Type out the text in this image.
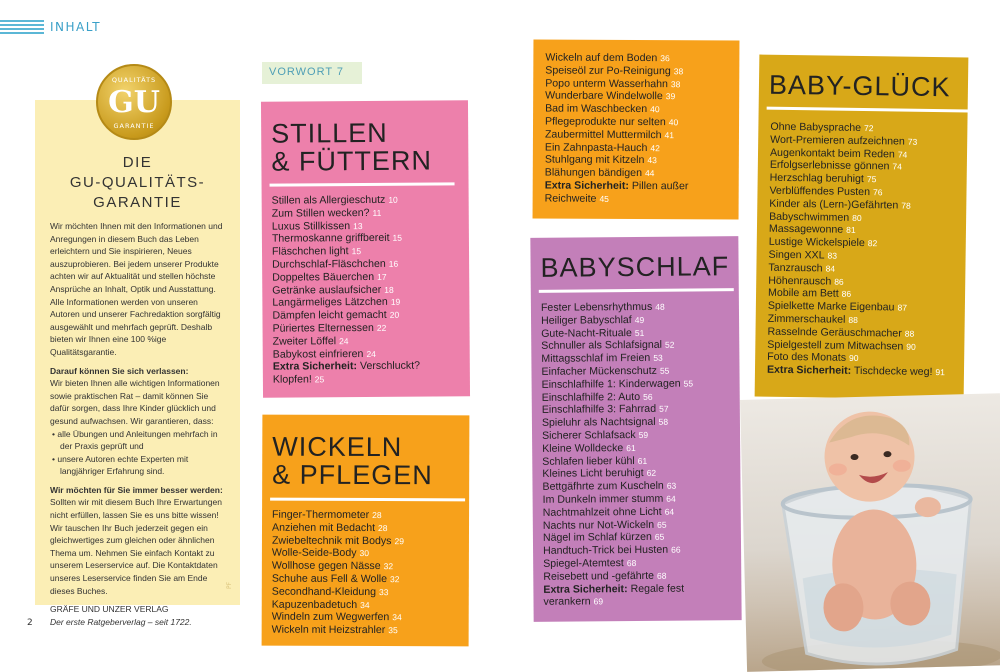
INHALT
QUALITÄTS
GU
GARANTIE
DIE
GU-QUALITÄTS-
GARANTIE

Wir möchten Ihnen mit den Informationen und Anregungen in diesem Buch das Leben erleichtern und Sie inspirieren, Neues auszuprobieren. Bei jedem unserer Produkte achten wir auf Aktualität und stellen höchste Ansprüche an Inhalt, Optik und Ausstattung. Alle Informationen werden von unseren Autoren und unserer Fachredaktion sorgfältig ausgewählt und mehrfach geprüft. Deshalb bieten wir Ihnen eine 100 %ige Qualitätsgarantie.

Darauf können Sie sich verlassen:
Wir bieten Ihnen alle wichtigen Informationen sowie praktischen Rat – damit können Sie dafür sorgen, dass Ihre Kinder glücklich und gesund aufwachsen. Wir garantieren, dass:

• alle Übungen und Anleitungen mehrfach in der Praxis geprüft und
• unsere Autoren echte Experten mit langjähriger Erfahrung sind.

Wir möchten für Sie immer besser werden:
Sollten wir mit diesem Buch Ihre Erwartungen nicht erfüllen, lassen Sie es uns bitte wissen! Wir tauschen Ihr Buch jederzeit gegen ein gleichwertiges zum gleichen oder ähnlichen Thema um. Nehmen Sie einfach Kontakt zu unserem Leserservice auf. Die Kontaktdaten unseres Leserservice finden Sie am Ende dieses Buches.

GRÄFE UND UNZER VERLAG
Der erste Ratgeberverlag – seit 1722.

PF
2
VORWORT 7
STILLEN
& FÜTTERN
Stillen als Allergieschutz 10
Zum Stillen wecken? 11
Luxus Stillkissen 13
Thermoskanne griffbereit 15
Fläschchen light 15
Durchschlaf-Fläschchen 16
Doppeltes Bäuerchen 17
Getränke auslaufsicher 18
Langärmeliges Lätzchen 19
Dämpfen leicht gemacht 20
Püriertes Elternessen 22
Zweiter Löffel 24
Babykost einfrieren 24
Extra Sicherheit: Verschluckt?
Klopfen! 25
WICKELN
& PFLEGEN
Finger-Thermometer 28
Anziehen mit Bedacht 28
Zwiebeltechnik mit Bodys 29
Wolle-Seide-Body 30
Wollhose gegen Nässe 32
Schuhe aus Fell & Wolle 32
Secondhand-Kleidung 33
Kapuzenbadetuch 34
Windeln zum Wegwerfen 34
Wickeln mit Heizstrahler 35
Wickeln auf dem Boden 36
Speiseöl zur Po-Reinigung 38
Popo unterm Wasserhahn 38
Wunderbare Windelwolle 39
Bad im Waschbecken 40
Pflegeprodukte nur selten 40
Zaubermittel Muttermilch 41
Ein Zahnpasta-Hauch 42
Stuhlgang mit Kitzeln 43
Blähungen bändigen 44
Extra Sicherheit: Pillen außer
Reichweite 45
BABYSCHLAF
Fester Lebensrhythmus 48
Heiliger Babyschlaf 49
Gute-Nacht-Rituale 51
Schnuller als Schlafsignal 52
Mittagsschlaf im Freien 53
Einfacher Mückenschutz 55
Einschlafhilfe 1: Kinderwagen 55
Einschlafhilfe 2: Auto 56
Einschlafhilfe 3: Fahrrad 57
Spieluhr als Nachtsignal 58
Sicherer Schlafsack 59
Kleine Wolldecke 61
Schlafen lieber kühl 61
Kleines Licht beruhigt 62
Bettgäfhrte zum Kuscheln 63
Im Dunkeln immer stumm 64
Nachtmahlzeit ohne Licht 64
Nachts nur Not-Wickeln 65
Nägel im Schlaf kürzen 65
Handtuch-Trick bei Husten 66
Spiegel-Atemtest 68
Reisebett und -gefährte 68
Extra Sicherheit: Regale fest
verankern 69
BABY-GLÜCK
Ohne Babysprache 72
Wort-Premieren aufzeichnen 73
Augenkontakt beim Reden 74
Erfolgserlebnisse gönnen 74
Herzschlag beruhigt 75
Verblüffendes Pusten 76
Kinder als (Lern-)Gefährten 78
Babyschwimmen 80
Massagewonne 81
Lustige Wickelspiele 82
Singen XXL 83
Tanzrausch 84
Höhenrausch 86
Mobile am Bett 86
Spielkette Marke Eigenbau 87
Zimmerschaukel 88
Rasselnde Geräuschmacher 88
Spielgestell zum Mitwachsen 90
Foto des Monats 90
Extra Sicherheit: Tischdecke weg! 91
